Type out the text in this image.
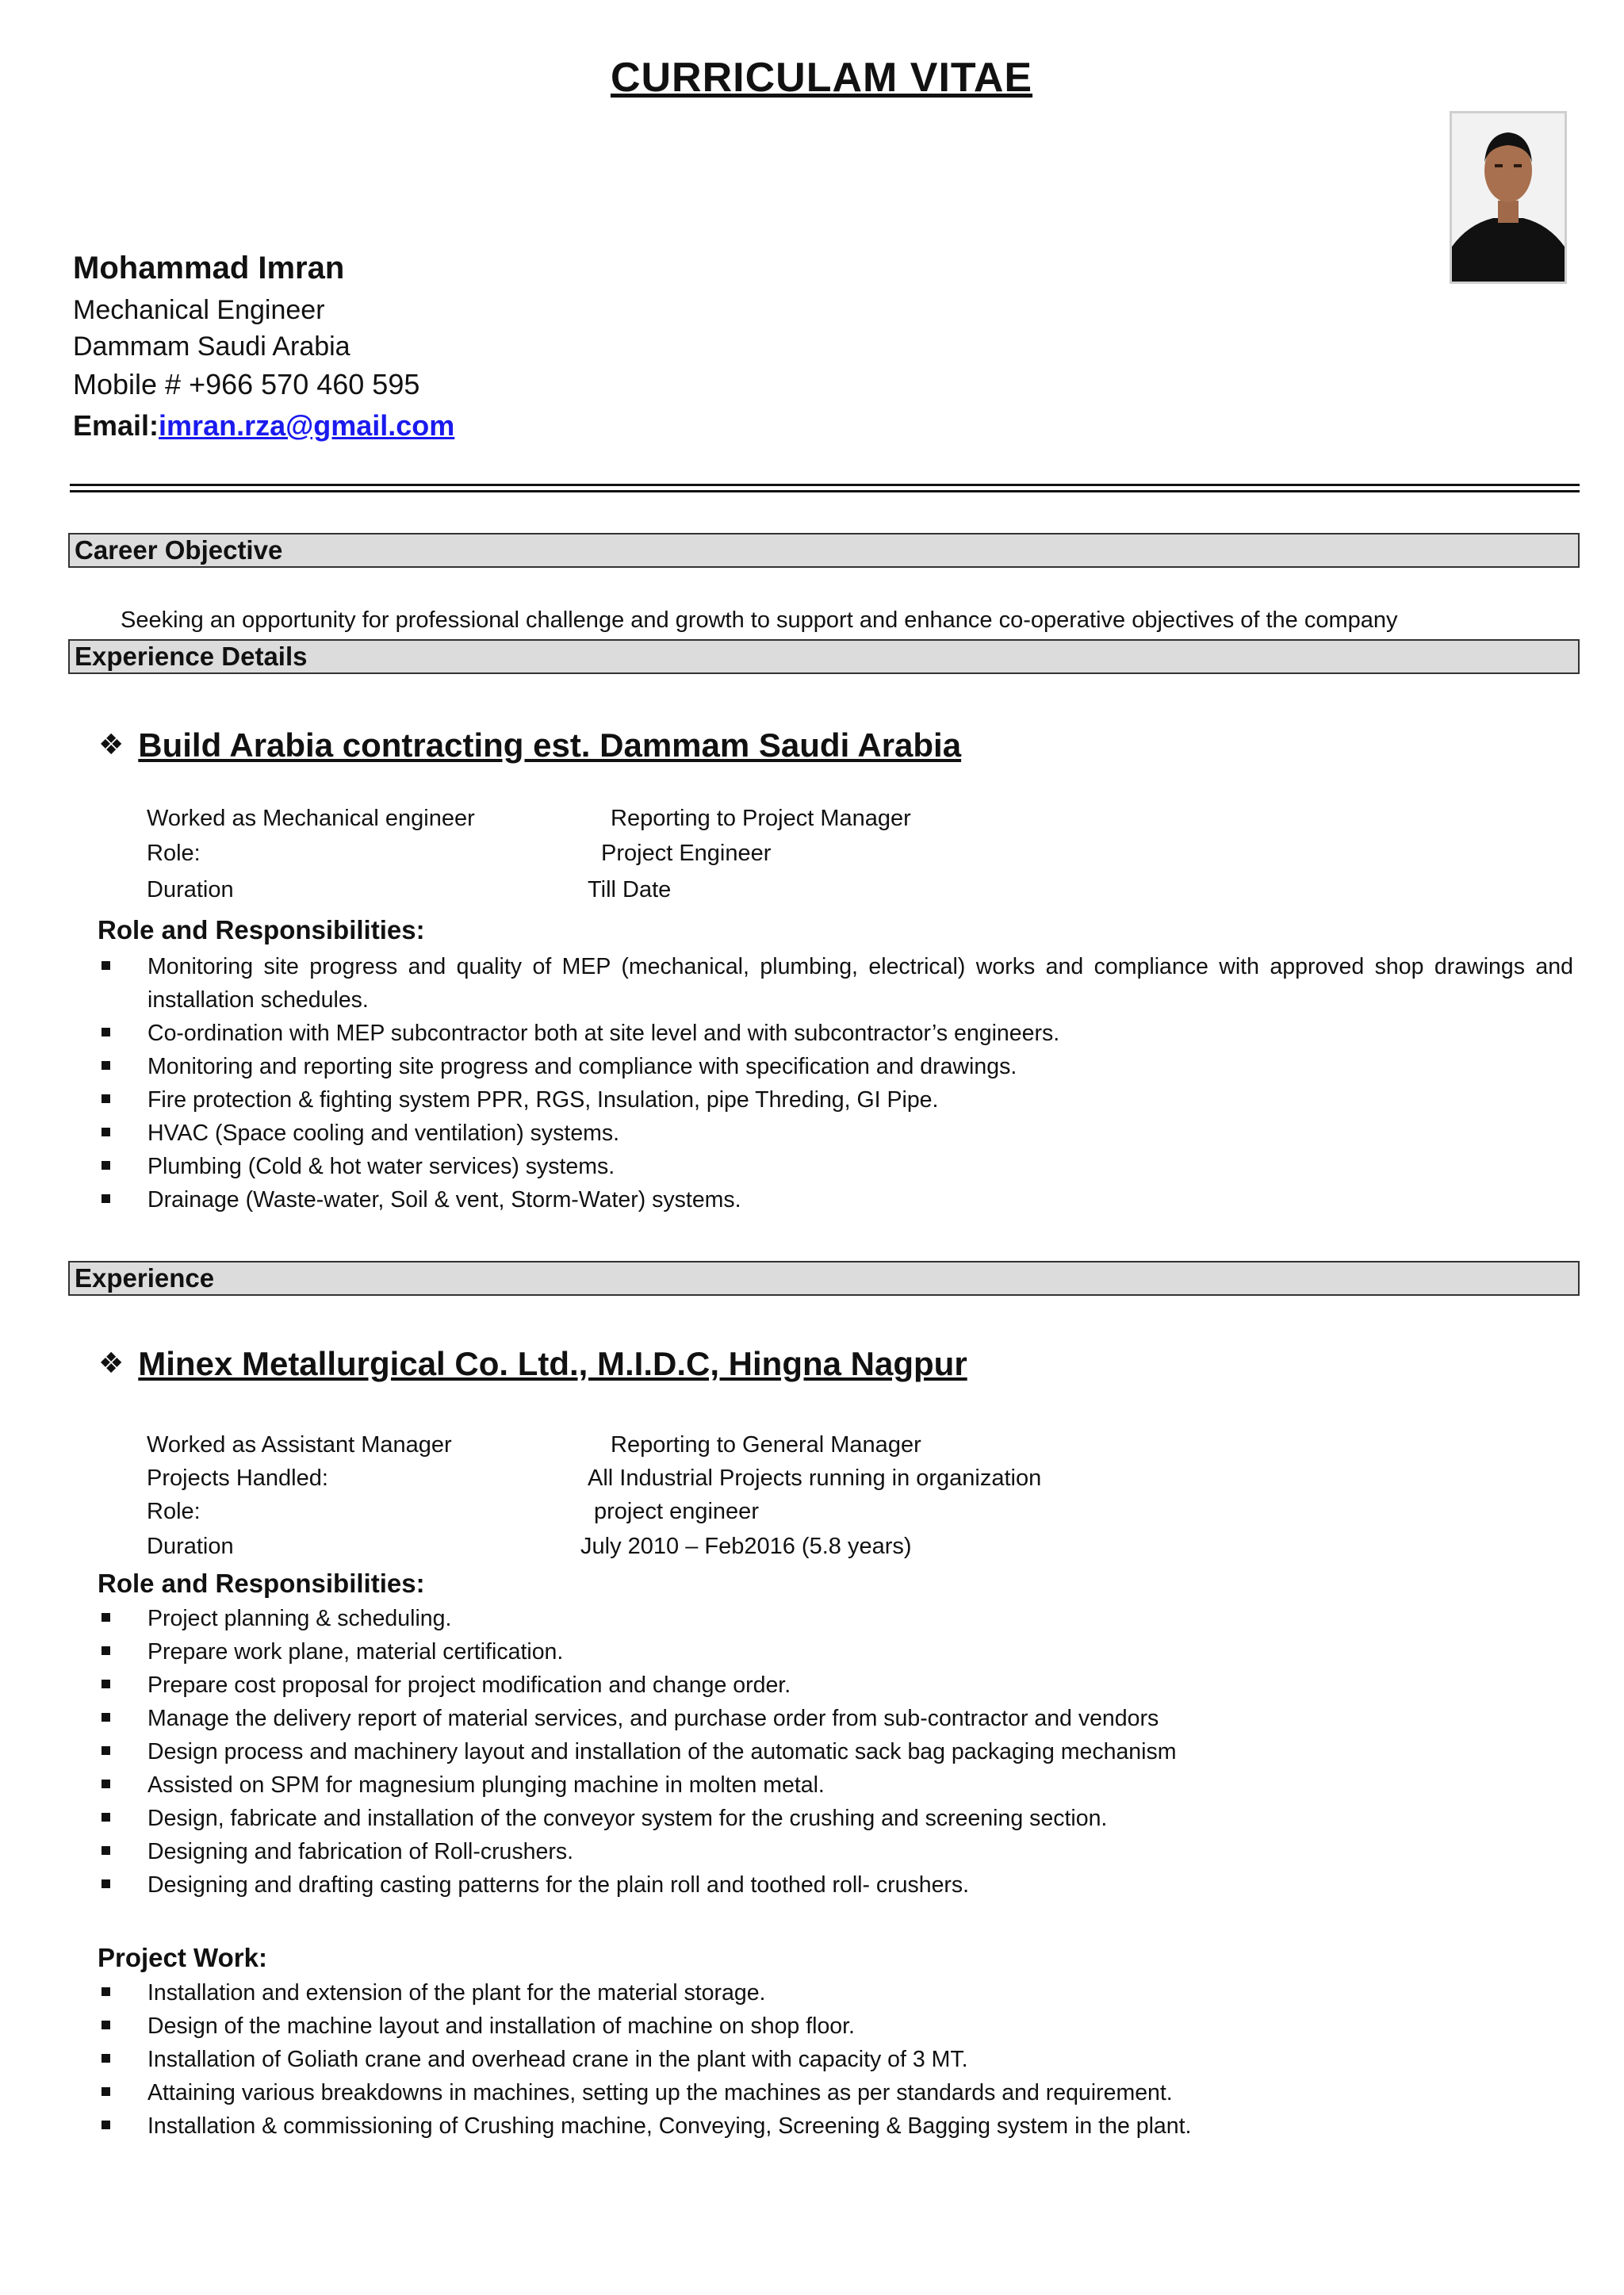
CURRICULAM VITAE
Mohammad Imran
Mechanical Engineer
Dammam Saudi Arabia
Mobile # +966 570 460 595
Email:imran.rza@gmail.com
Career Objective
Seeking an opportunity for professional challenge and growth to support and enhance co-operative objectives of the company
Experience Details
❖ Build Arabia contracting est. Dammam Saudi Arabia
Worked as Mechanical engineer	Reporting to Project Manager
Role:	Project Engineer
Duration	Till Date
Role and Responsibilities:
Monitoring site progress and quality of MEP (mechanical, plumbing, electrical) works and compliance with approved shop drawings and installation schedules.
Co-ordination with MEP subcontractor both at site level and with subcontractor’s engineers.
Monitoring and reporting site progress and compliance with specification and drawings.
Fire protection & fighting system PPR, RGS, Insulation, pipe Threding, GI Pipe.
HVAC (Space cooling and ventilation) systems.
Plumbing (Cold & hot water services) systems.
Drainage (Waste-water, Soil & vent, Storm-Water) systems.
Experience
❖ Minex Metallurgical Co. Ltd., M.I.D.C, Hingna Nagpur
Worked as Assistant Manager	Reporting to General Manager
Projects Handled:	All Industrial Projects running in organization
Role:	project engineer
Duration	July 2010 – Feb2016 (5.8 years)
Role and Responsibilities:
Project planning & scheduling.
Prepare work plane, material certification.
Prepare cost proposal for project modification and change order.
Manage the delivery report of material services, and purchase order from sub-contractor and vendors
Design process and machinery layout and installation of the automatic sack bag packaging mechanism
Assisted on SPM for magnesium plunging machine in molten metal.
Design, fabricate and installation of the conveyor system for the crushing and screening section.
Designing and fabrication of Roll-crushers.
Designing and drafting casting patterns for the plain roll and toothed roll- crushers.
Project Work:
Installation and extension of the plant for the material storage.
Design of the machine layout and installation of machine on shop floor.
Installation of Goliath crane and overhead crane in the plant with capacity of 3 MT.
Attaining various breakdowns in machines, setting up the machines as per standards and requirement.
Installation & commissioning of Crushing machine, Conveying, Screening & Bagging system in the plant.
